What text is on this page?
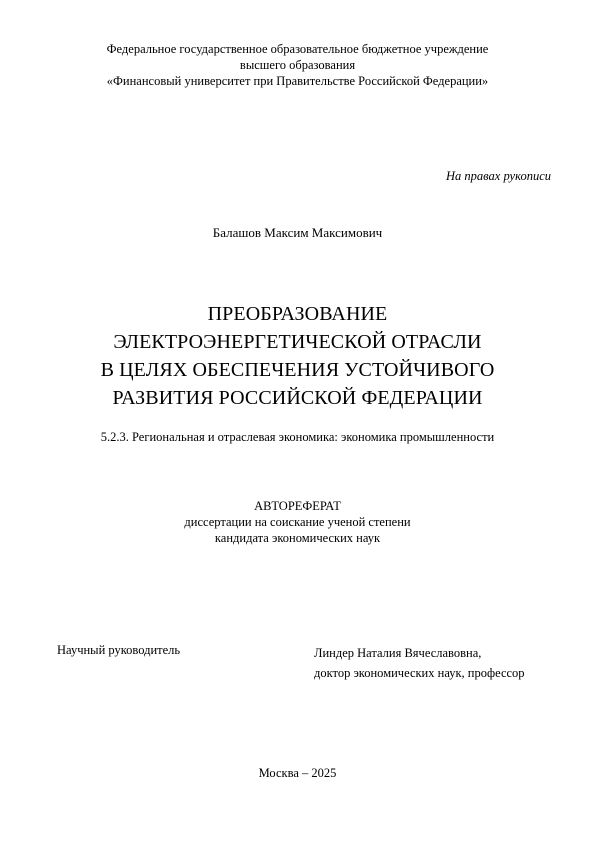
Федеральное государственное образовательное бюджетное учреждение
высшего образования
«Финансовый университет при Правительстве Российской Федерации»
На правах рукописи
Балашов Максим Максимович
ПРЕОБРАЗОВАНИЕ
ЭЛЕКТРОЭНЕРГЕТИЧЕСКОЙ ОТРАСЛИ
В ЦЕЛЯХ ОБЕСПЕЧЕНИЯ УСТОЙЧИВОГО
РАЗВИТИЯ РОССИЙСКОЙ ФЕДЕРАЦИИ
5.2.3. Региональная и отраслевая экономика: экономика промышленности
АВТОРЕФЕРАТ
диссертации на соискание ученой степени
кандидата экономических наук
Научный руководитель	Линдер Наталия Вячеславовна,
доктор экономических наук, профессор
Москва – 2025
